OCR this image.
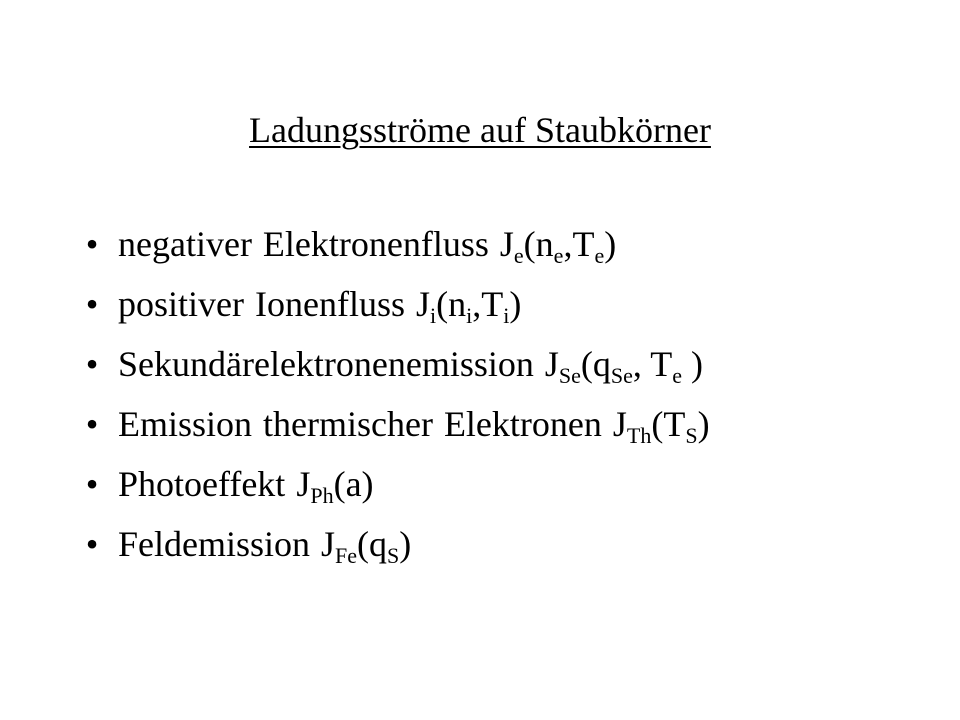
Ladungsströme auf Staubkörner
• negativer Elektronenfluss $J_e(n_e,T_e)$
• positiver Ionenfluss $J_i(n_i,T_i)$
• Sekundärelektronenemission $J_{Se}(q_{Se}$, $T_e$ )
• Emission thermischer Elektronen $J_{Th}(T_S)$
• Photoeffekt $J_{Ph}(a)$
• Feldemission $J_{Fe}(q_S)$
